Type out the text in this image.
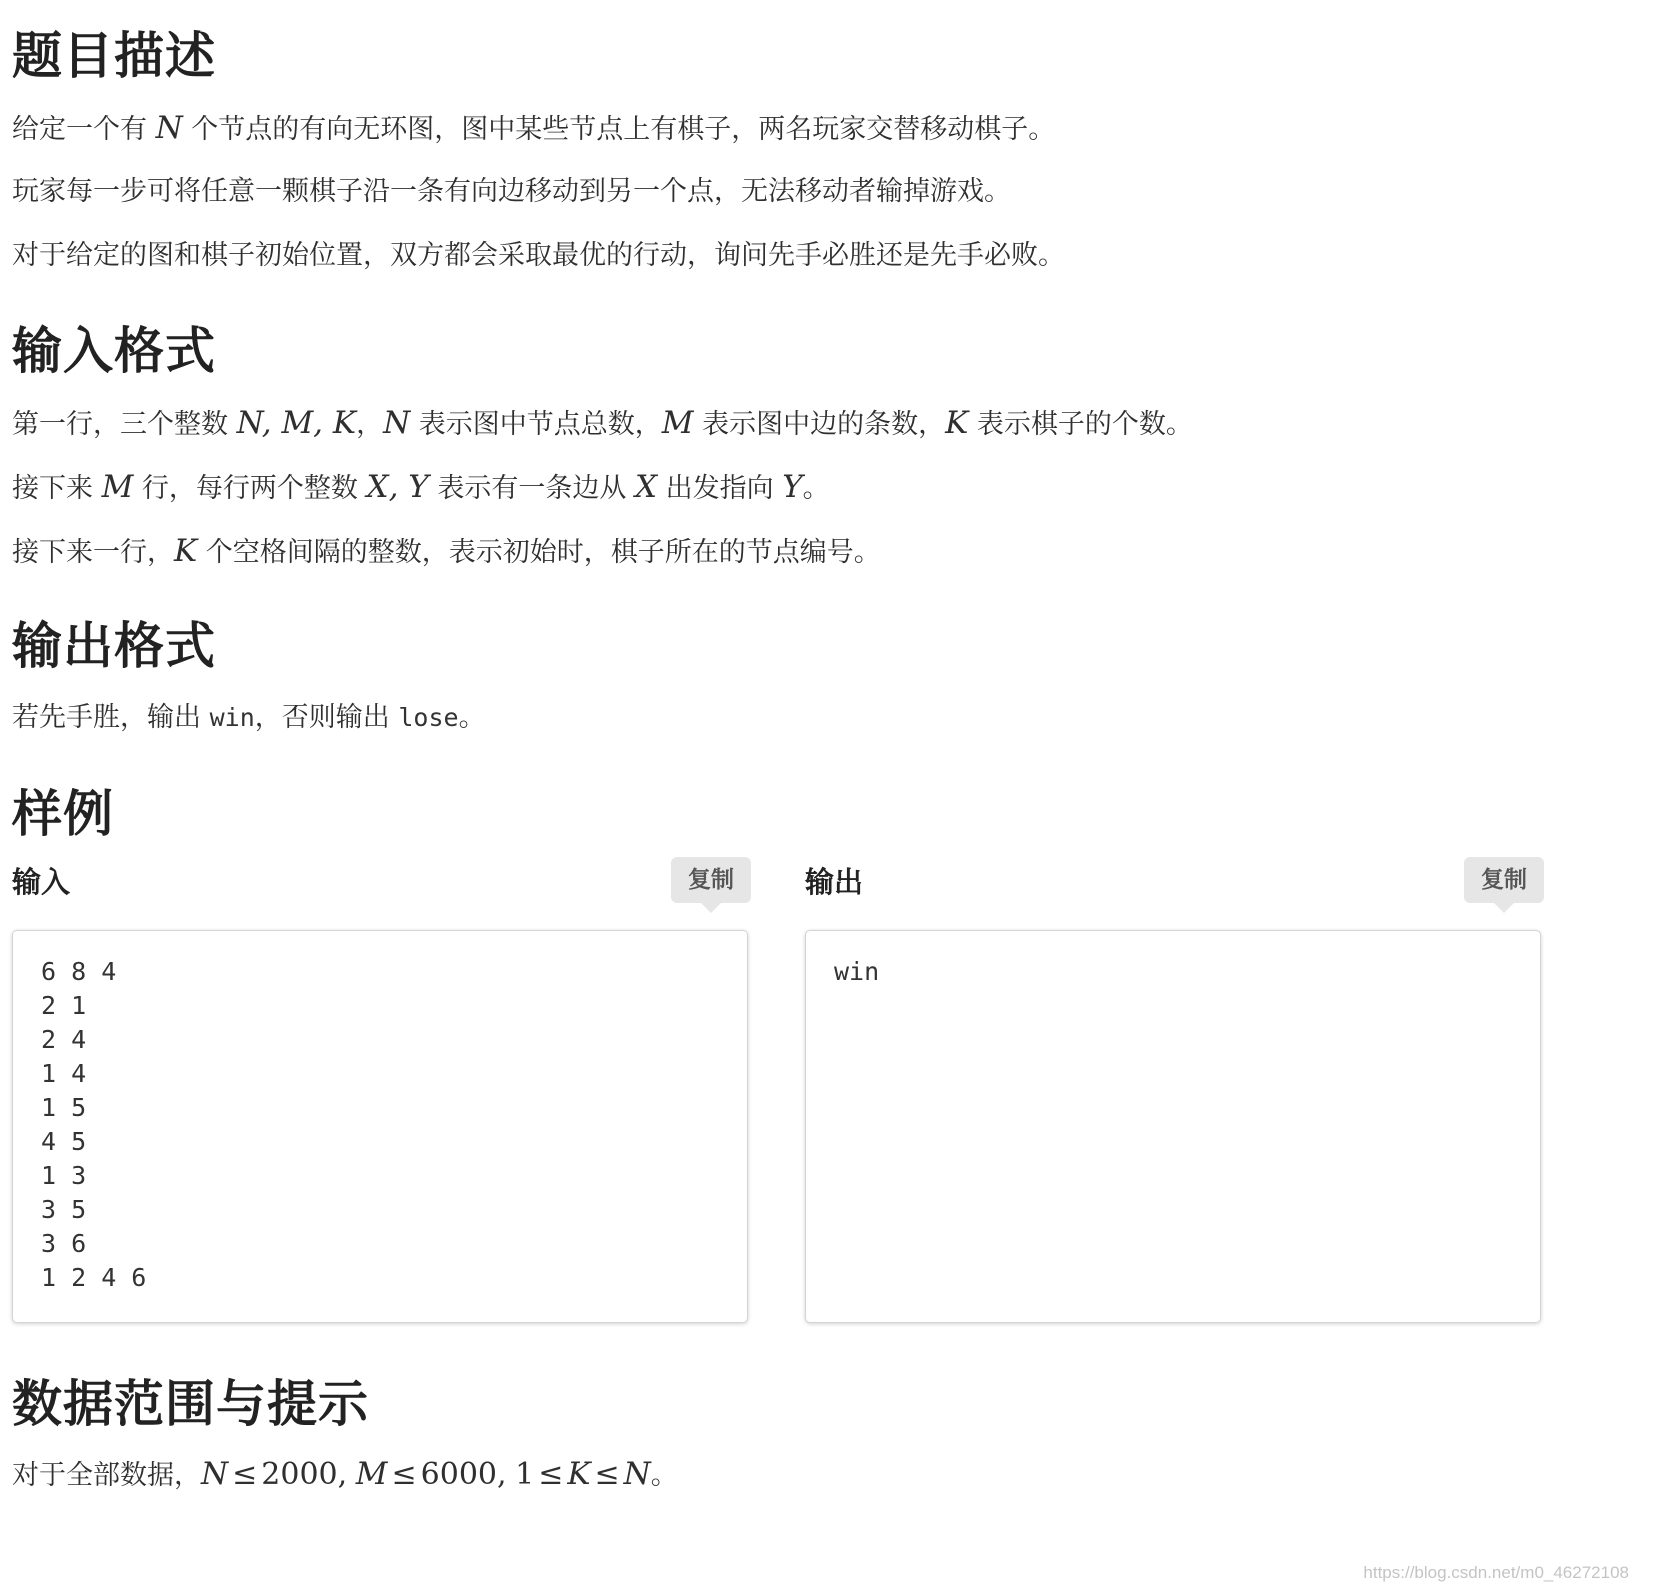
题目描述

给定一个有 N 个节点的有向无环图，图中某些节点上有棋子，两名玩家交替移动棋子。

玩家每一步可将任意一颗棋子沿一条有向边移动到另一个点，无法移动者输掉游戏。

对于给定的图和棋子初始位置，双方都会采取最优的行动，询问先手必胜还是先手必败。

输入格式

第一行，三个整数 N, M, K，N 表示图中节点总数，M 表示图中边的条数，K 表示棋子的个数。

接下来 M 行，每行两个整数 X, Y 表示有一条边从 X 出发指向 Y。

接下来一行，K 个空格间隔的整数，表示初始时，棋子所在的节点编号。

输出格式

若先手胜，输出 win，否则输出 lose。

样例
输入	复制
6 8 4
2 1
2 4
1 4
1 5
4 5
1 3
3 5
3 6
1 2 4 6
输出	复制
win
数据范围与提示

对于全部数据，N ≤ 2000, M ≤ 6000, 1 ≤ K ≤ N。

https://blog.csdn.net/m0_46272108
